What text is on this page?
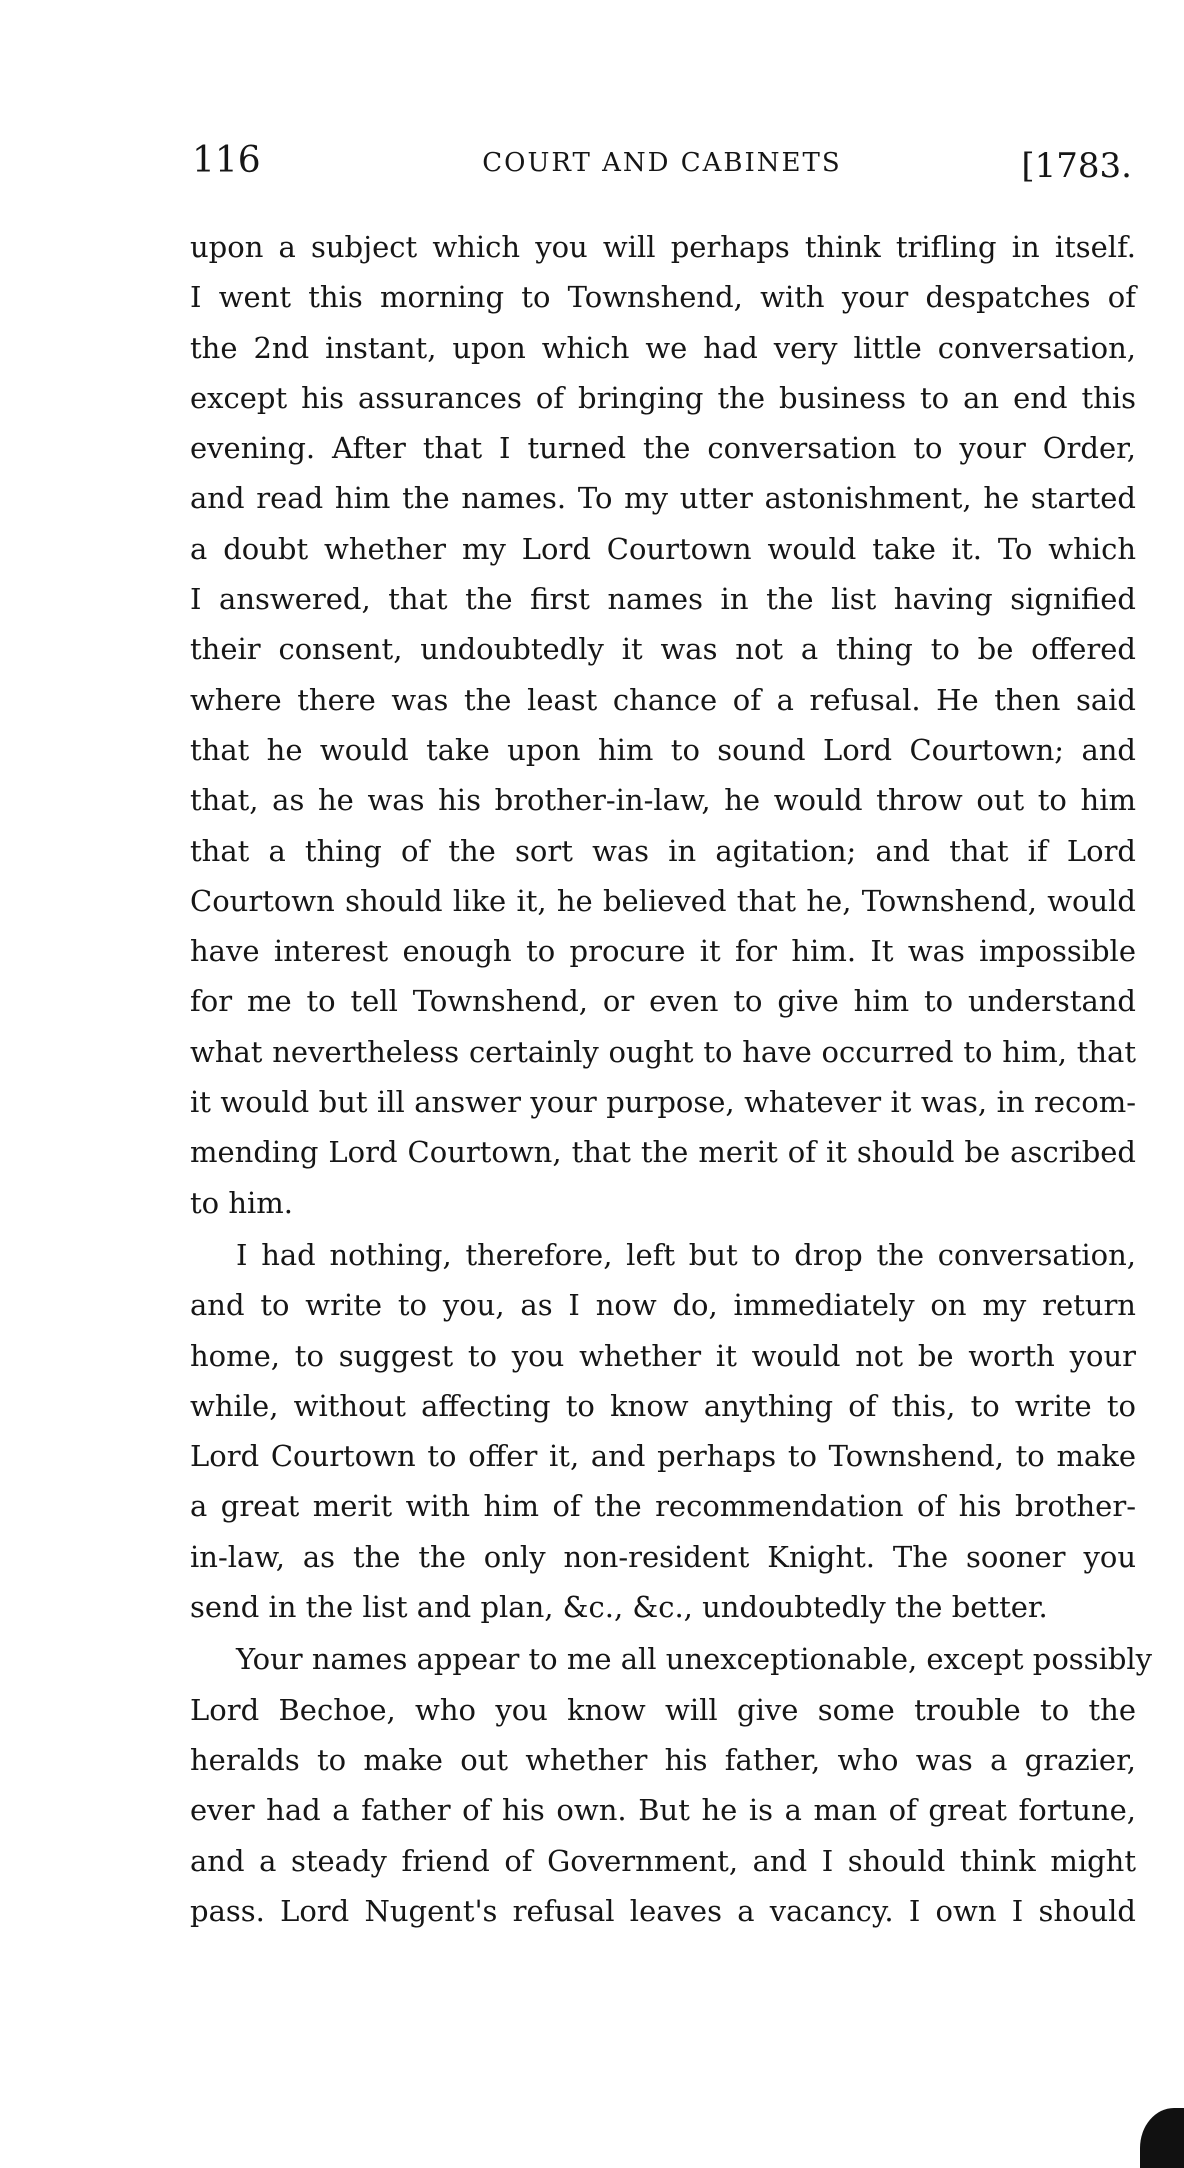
116	COURT AND CABINETS	[1783.

upon a subject which you will perhaps think trifling in itself.
I went this morning to Townshend, with your despatches of
the 2nd instant, upon which we had very little conversation,
except his assurances of bringing the business to an end this
evening. After that I turned the conversation to your Order,
and read him the names. To my utter astonishment, he started
a doubt whether my Lord Courtown would take it. To which
I answered, that the first names in the list having signified
their consent, undoubtedly it was not a thing to be offered
where there was the least chance of a refusal. He then said
that he would take upon him to sound Lord Courtown; and
that, as he was his brother-in-law, he would throw out to him
that a thing of the sort was in agitation; and that if Lord
Courtown should like it, he believed that he, Townshend, would
have interest enough to procure it for him. It was impossible
for me to tell Townshend, or even to give him to understand
what nevertheless certainly ought to have occurred to him, that
it would but ill answer your purpose, whatever it was, in recom-
mending Lord Courtown, that the merit of it should be ascribed
to him.

I had nothing, therefore, left but to drop the conversation,
and to write to you, as I now do, immediately on my return
home, to suggest to you whether it would not be worth your
while, without affecting to know anything of this, to write to
Lord Courtown to offer it, and perhaps to Townshend, to make
a great merit with him of the recommendation of his brother-
in-law, as the the only non-resident Knight. The sooner you
send in the list and plan, &c., &c., undoubtedly the better.

Your names appear to me all unexceptionable, except possibly
Lord Bechoe, who you know will give some trouble to the
heralds to make out whether his father, who was a grazier,
ever had a father of his own. But he is a man of great fortune,
and a steady friend of Government, and I should think might
pass. Lord Nugent's refusal leaves a vacancy. I own I should
